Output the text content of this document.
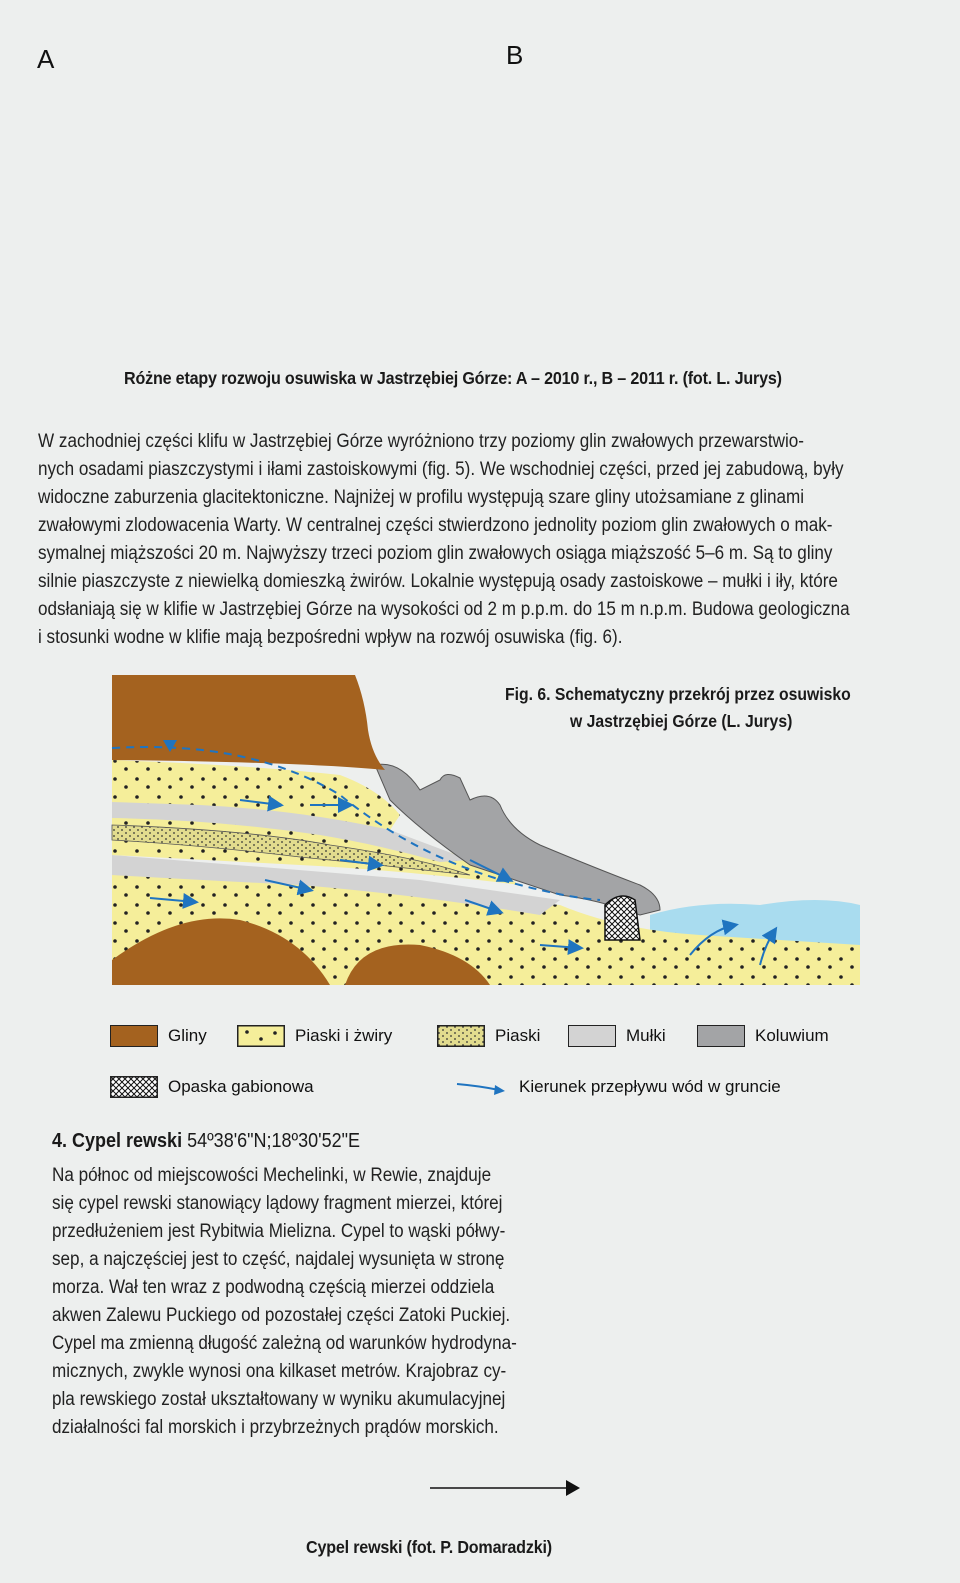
A	B
Różne etapy rozwoju osuwiska w Jastrzębiej Górze: A – 2010 r., B – 2011 r. (fot. L. Jurys)
W zachodniej części klifu w Jastrzębiej Górze wyróżniono trzy poziomy glin zwałowych przewarstwio-
nych osadami piaszczystymi i iłami zastoiskowymi (fig. 5). We wschodniej części, przed jej zabudową, były
widoczne zaburzenia glacitektoniczne. Najniżej w profilu występują szare gliny utożsamiane z glinami
zwałowymi zlodowacenia Warty. W centralnej części stwierdzono jednolity poziom glin zwałowych o mak-
symalnej miąższości 20 m. Najwyższy trzeci poziom glin zwałowych osiąga miąższość 5–6 m. Są to gliny
silnie piaszczyste z niewielką domieszką żwirów. Lokalnie występują osady zastoiskowe – mułki i iły, które
odsłaniają się w klifie w Jastrzębiej Górze na wysokości od 2 m p.p.m. do 15 m n.p.m. Budowa geologiczna
i stosunki wodne w klifie mają bezpośredni wpływ na rozwój osuwiska (fig. 6).
Fig. 6. Schematyczny przekrój przez osuwisko
w Jastrzębiej Górze (L. Jurys)
Gliny	Piaski i żwiry	Piaski	Mułki	Koluwium
Opaska gabionowa	Kierunek przepływu wód w gruncie
4. Cypel rewski 54º38'6"N;18º30'52"E
Na północ od miejscowości Mechelinki, w Rewie, znajduje
się cypel rewski stanowiący lądowy fragment mierzei, której
przedłużeniem jest Rybitwia Mielizna. Cypel to wąski półwy-
sep, a najczęściej jest to część, najdalej wysunięta w stronę
morza. Wał ten wraz z podwodną częścią mierzei oddziela
akwen Zalewu Puckiego od pozostałej części Zatoki Puckiej.
Cypel ma zmienną długość zależną od warunków hydrodyna-
micznych, zwykle wynosi ona kilkaset metrów. Krajobraz cy-
pla rewskiego został ukształtowany w wyniku akumulacyjnej
działalności fal morskich i przybrzeżnych prądów morskich.
Cypel rewski (fot. P. Domaradzki)
